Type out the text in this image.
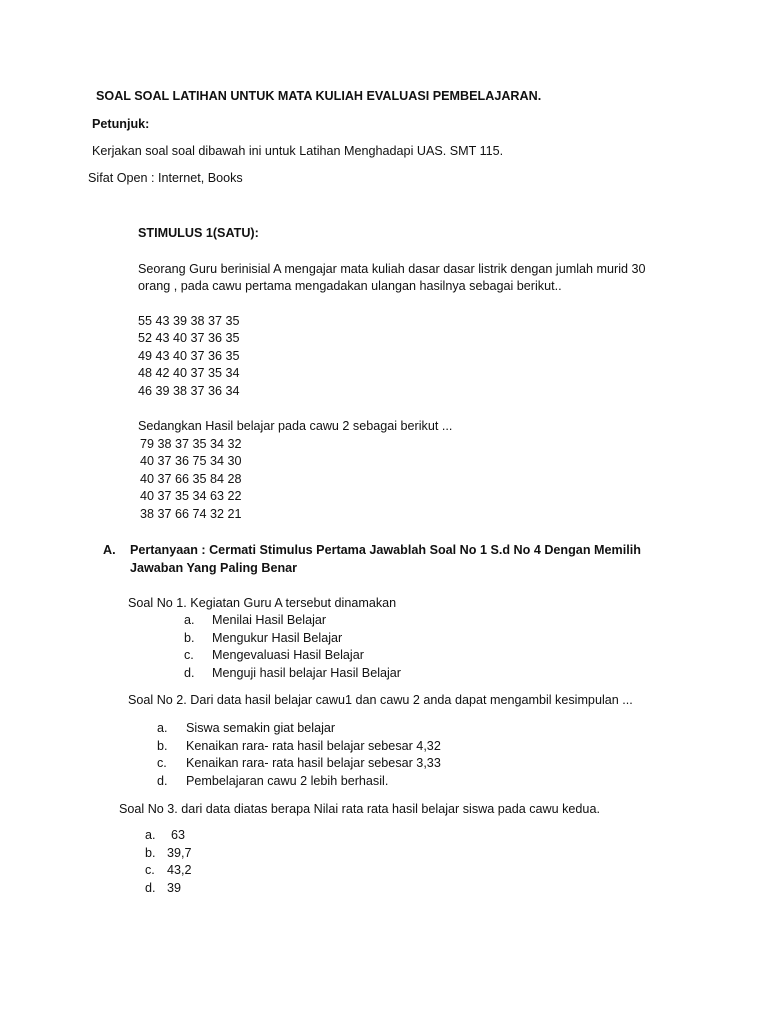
SOAL SOAL LATIHAN UNTUK MATA KULIAH EVALUASI PEMBELAJARAN.
Petunjuk:
Kerjakan soal soal dibawah ini untuk Latihan Menghadapi UAS. SMT 115.
Sifat Open : Internet, Books
STIMULUS 1(SATU):
Seorang Guru berinisial A mengajar mata kuliah dasar dasar listrik dengan jumlah murid 30
orang , pada cawu pertama mengadakan ulangan hasilnya sebagai berikut..
55 43 39 38 37 35
52 43 40 37 36 35
49 43 40 37 36 35
48 42 40 37 35 34
46 39 38 37 36 34
Sedangkan Hasil belajar pada cawu 2 sebagai berikut ...
79 38 37 35 34 32
40 37 36 75 34 30
40 37 66 35 84 28
40 37 35 34 63 22
38 37 66 74 32 21
A. Pertanyaan : Cermati Stimulus Pertama Jawablah Soal No 1 S.d No 4 Dengan Memilih
Jawaban Yang Paling Benar
Soal No 1. Kegiatan Guru A tersebut dinamakan
a. Menilai Hasil Belajar
b. Mengukur Hasil Belajar
c. Mengevaluasi Hasil Belajar
d. Menguji hasil belajar Hasil Belajar
Soal No 2. Dari data hasil belajar cawu1 dan cawu 2 anda dapat mengambil kesimpulan ...
a. Siswa semakin giat belajar
b. Kenaikan rara- rata hasil belajar sebesar 4,32
c. Kenaikan rara- rata hasil belajar sebesar 3,33
d. Pembelajaran cawu 2 lebih berhasil.
Soal No 3. dari data diatas berapa Nilai rata rata hasil belajar siswa pada cawu kedua.
a. 63
b. 39,7
c. 43,2
d. 39
